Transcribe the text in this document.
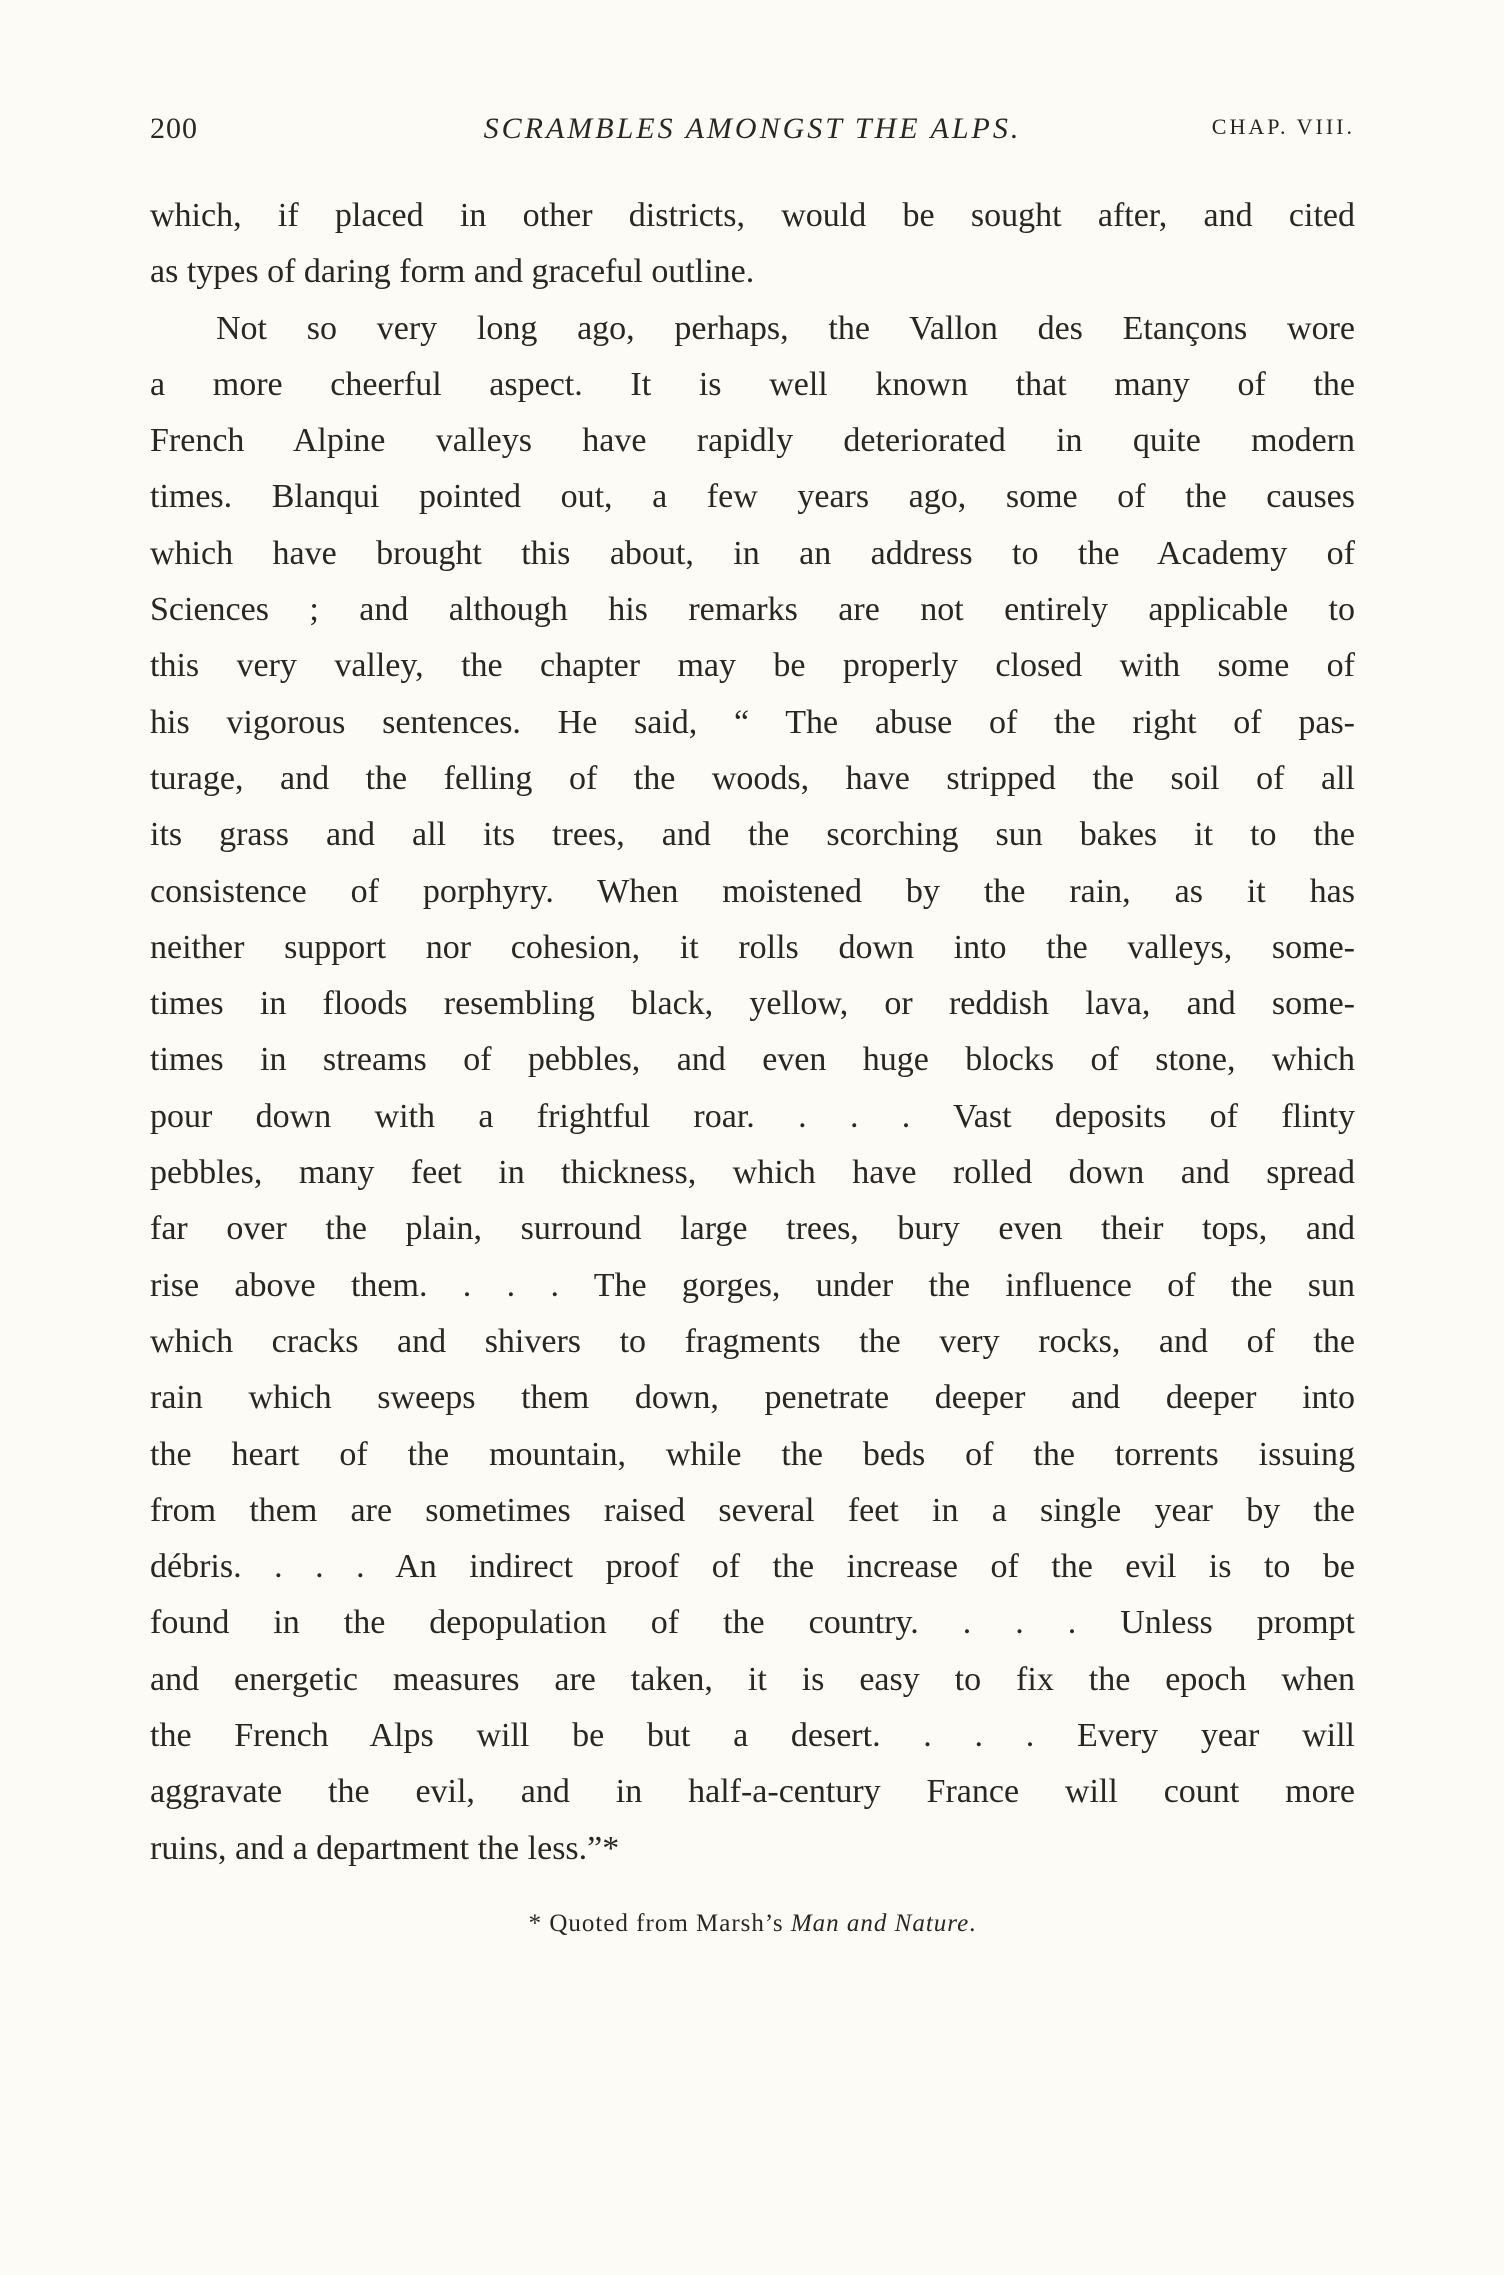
200	SCRAMBLES AMONGST THE ALPS.	CHAP. VIII.
which, if placed in other districts, would be sought after, and cited
as types of daring form and graceful outline.
Not so very long ago, perhaps, the Vallon des Etançons wore
a more cheerful aspect. It is well known that many of the
French Alpine valleys have rapidly deteriorated in quite modern
times. Blanqui pointed out, a few years ago, some of the causes
which have brought this about, in an address to the Academy of
Sciences ; and although his remarks are not entirely applicable to
this very valley, the chapter may be properly closed with some of
his vigorous sentences. He said, “ The abuse of the right of pas-
turage, and the felling of the woods, have stripped the soil of all
its grass and all its trees, and the scorching sun bakes it to the
consistence of porphyry. When moistened by the rain, as it has
neither support nor cohesion, it rolls down into the valleys, some-
times in floods resembling black, yellow, or reddish lava, and some-
times in streams of pebbles, and even huge blocks of stone, which
pour down with a frightful roar. . . . Vast deposits of flinty
pebbles, many feet in thickness, which have rolled down and spread
far over the plain, surround large trees, bury even their tops, and
rise above them. . . . The gorges, under the influence of the sun
which cracks and shivers to fragments the very rocks, and of the
rain which sweeps them down, penetrate deeper and deeper into
the heart of the mountain, while the beds of the torrents issuing
from them are sometimes raised several feet in a single year by the
débris. . . . An indirect proof of the increase of the evil is to be
found in the depopulation of the country. . . . Unless prompt
and energetic measures are taken, it is easy to fix the epoch when
the French Alps will be but a desert. . . . Every year will
aggravate the evil, and in half-a-century France will count more
ruins, and a department the less.”*
* Quoted from Marsh’s Man and Nature.
